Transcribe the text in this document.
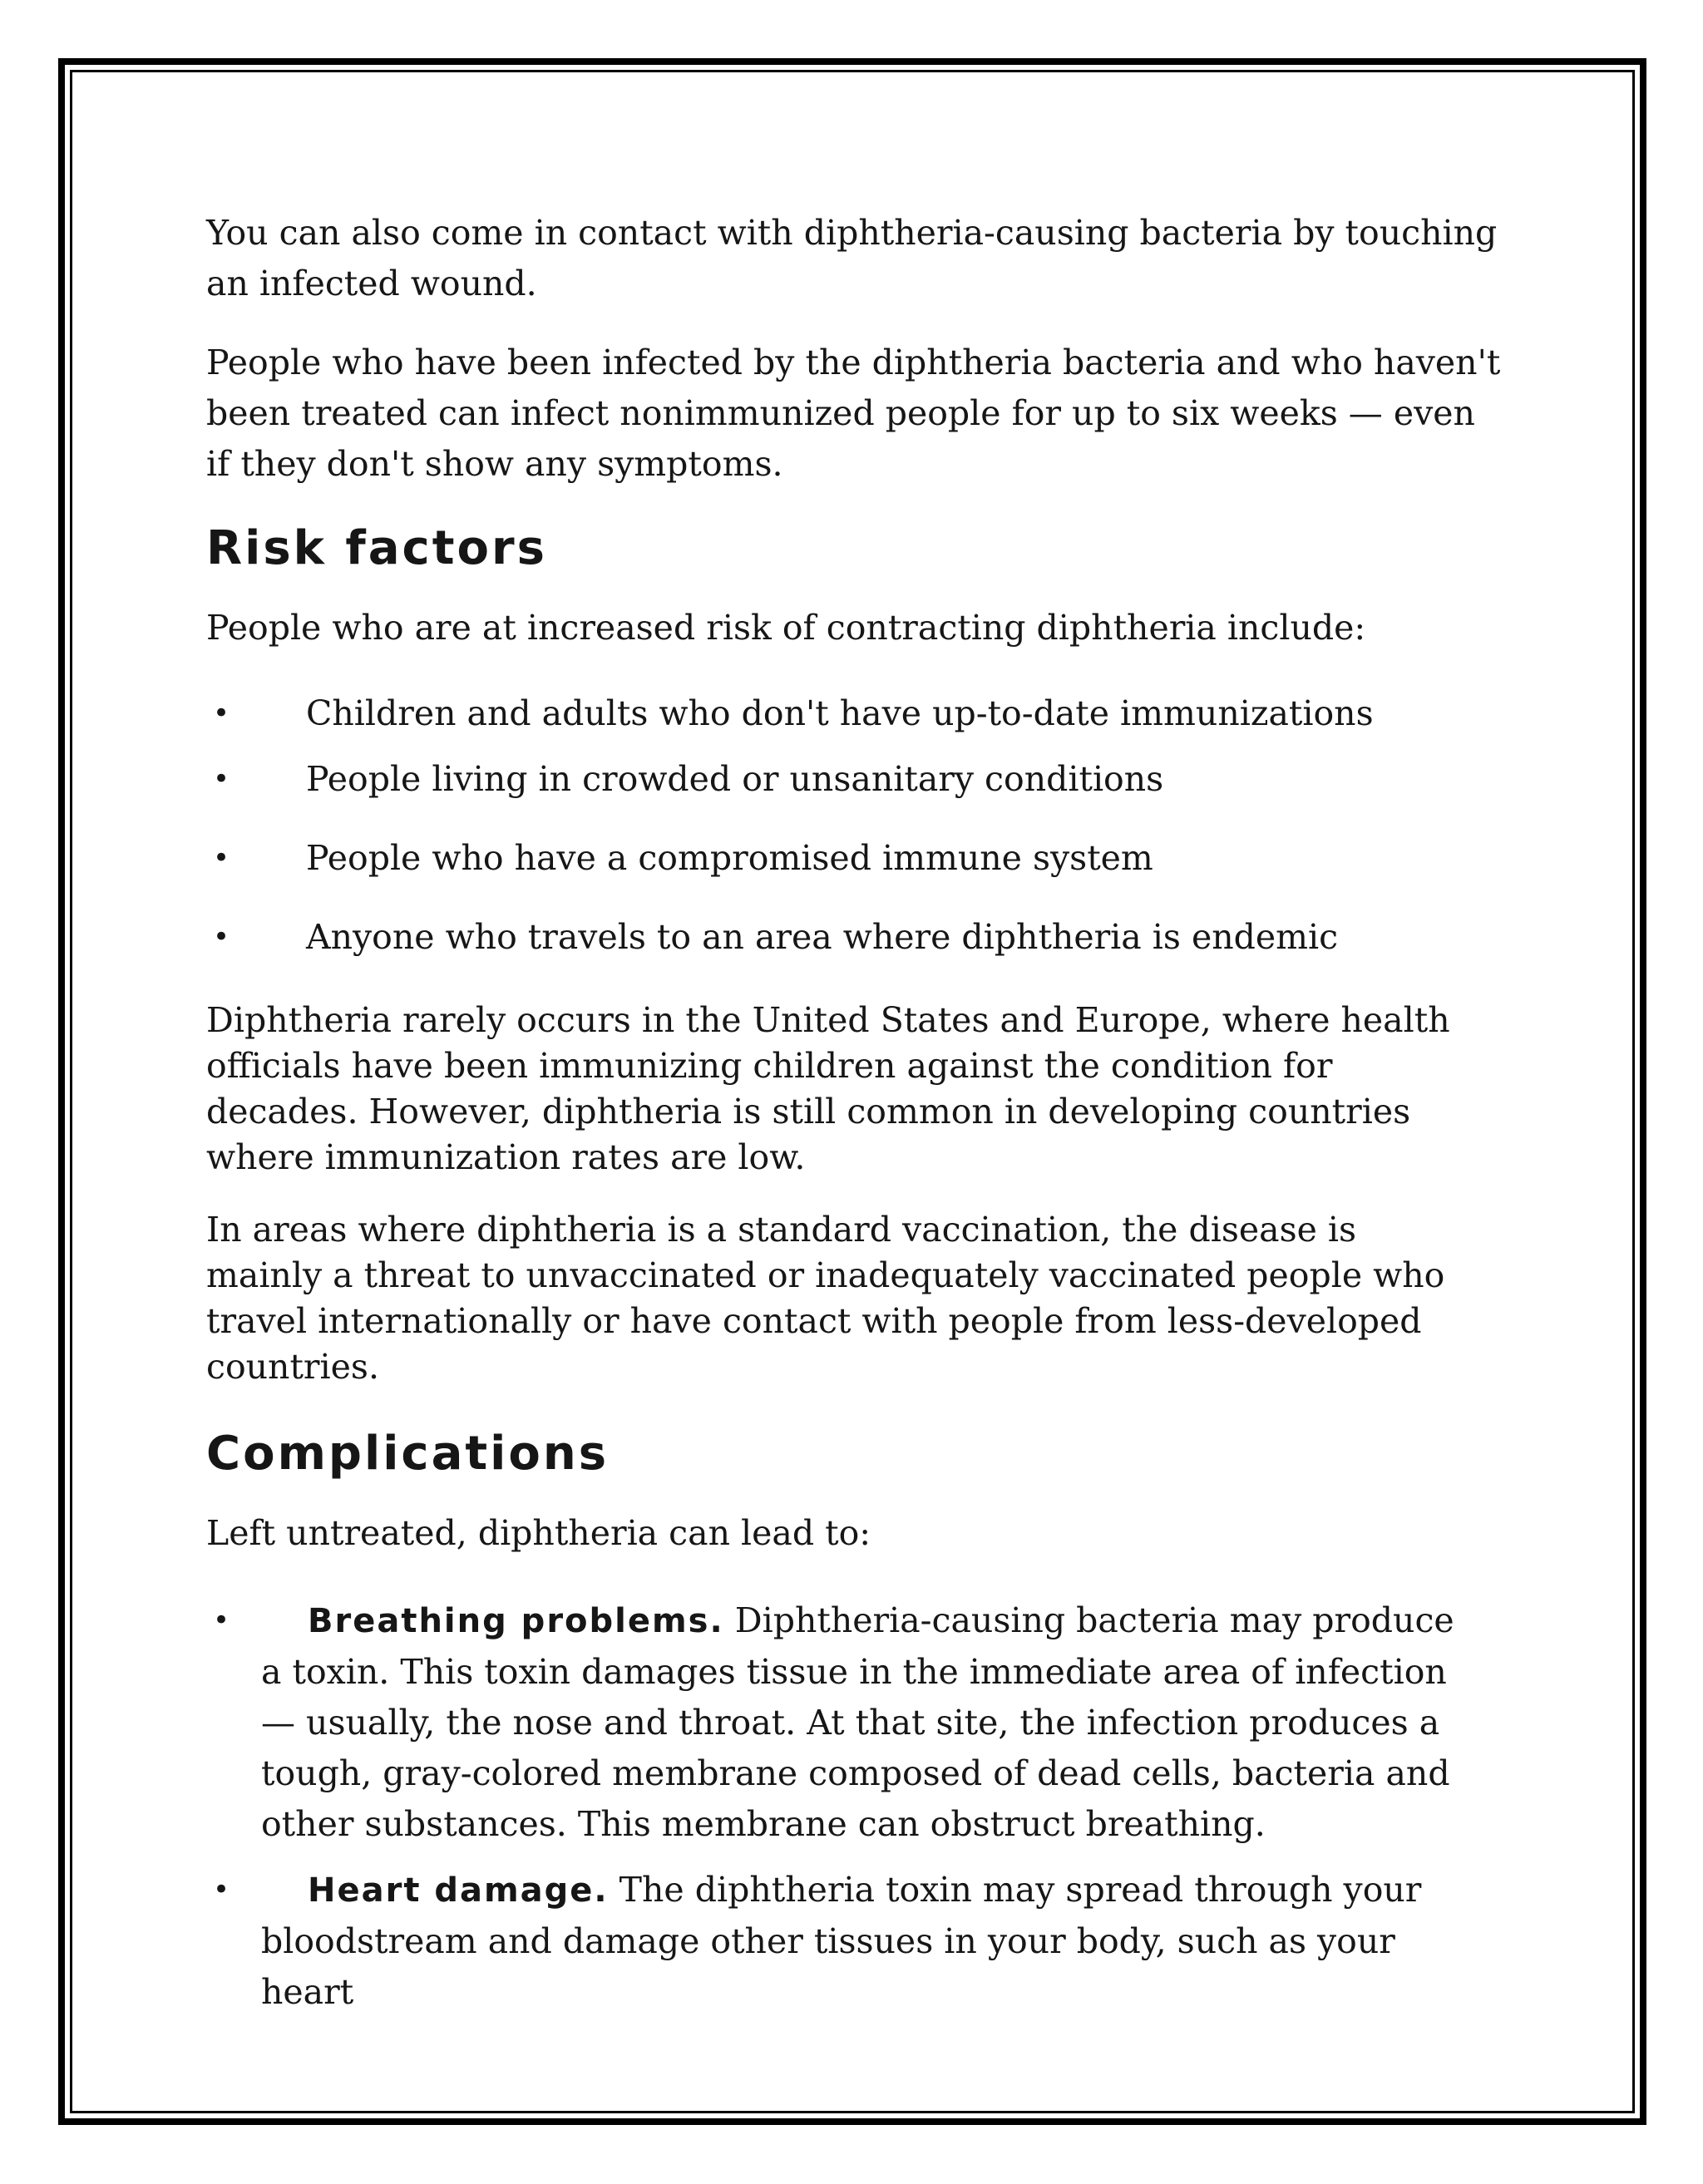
You can also come in contact with diphtheria-causing bacteria by touching an infected wound.

People who have been infected by the diphtheria bacteria and who haven't been treated can infect nonimmunized people for up to six weeks — even if they don't show any symptoms.

Risk factors

People who are at increased risk of contracting diphtheria include:

• Children and adults who don't have up-to-date immunizations
• People living in crowded or unsanitary conditions
• People who have a compromised immune system
• Anyone who travels to an area where diphtheria is endemic

Diphtheria rarely occurs in the United States and Europe, where health officials have been immunizing children against the condition for decades. However, diphtheria is still common in developing countries where immunization rates are low.

In areas where diphtheria is a standard vaccination, the disease is mainly a threat to unvaccinated or inadequately vaccinated people who travel internationally or have contact with people from less-developed countries.

Complications

Left untreated, diphtheria can lead to:

• Breathing problems. Diphtheria-causing bacteria may produce a toxin. This toxin damages tissue in the immediate area of infection — usually, the nose and throat. At that site, the infection produces a tough, gray-colored membrane composed of dead cells, bacteria and other substances. This membrane can obstruct breathing.
• Heart damage. The diphtheria toxin may spread through your bloodstream and damage other tissues in your body, such as your heart
